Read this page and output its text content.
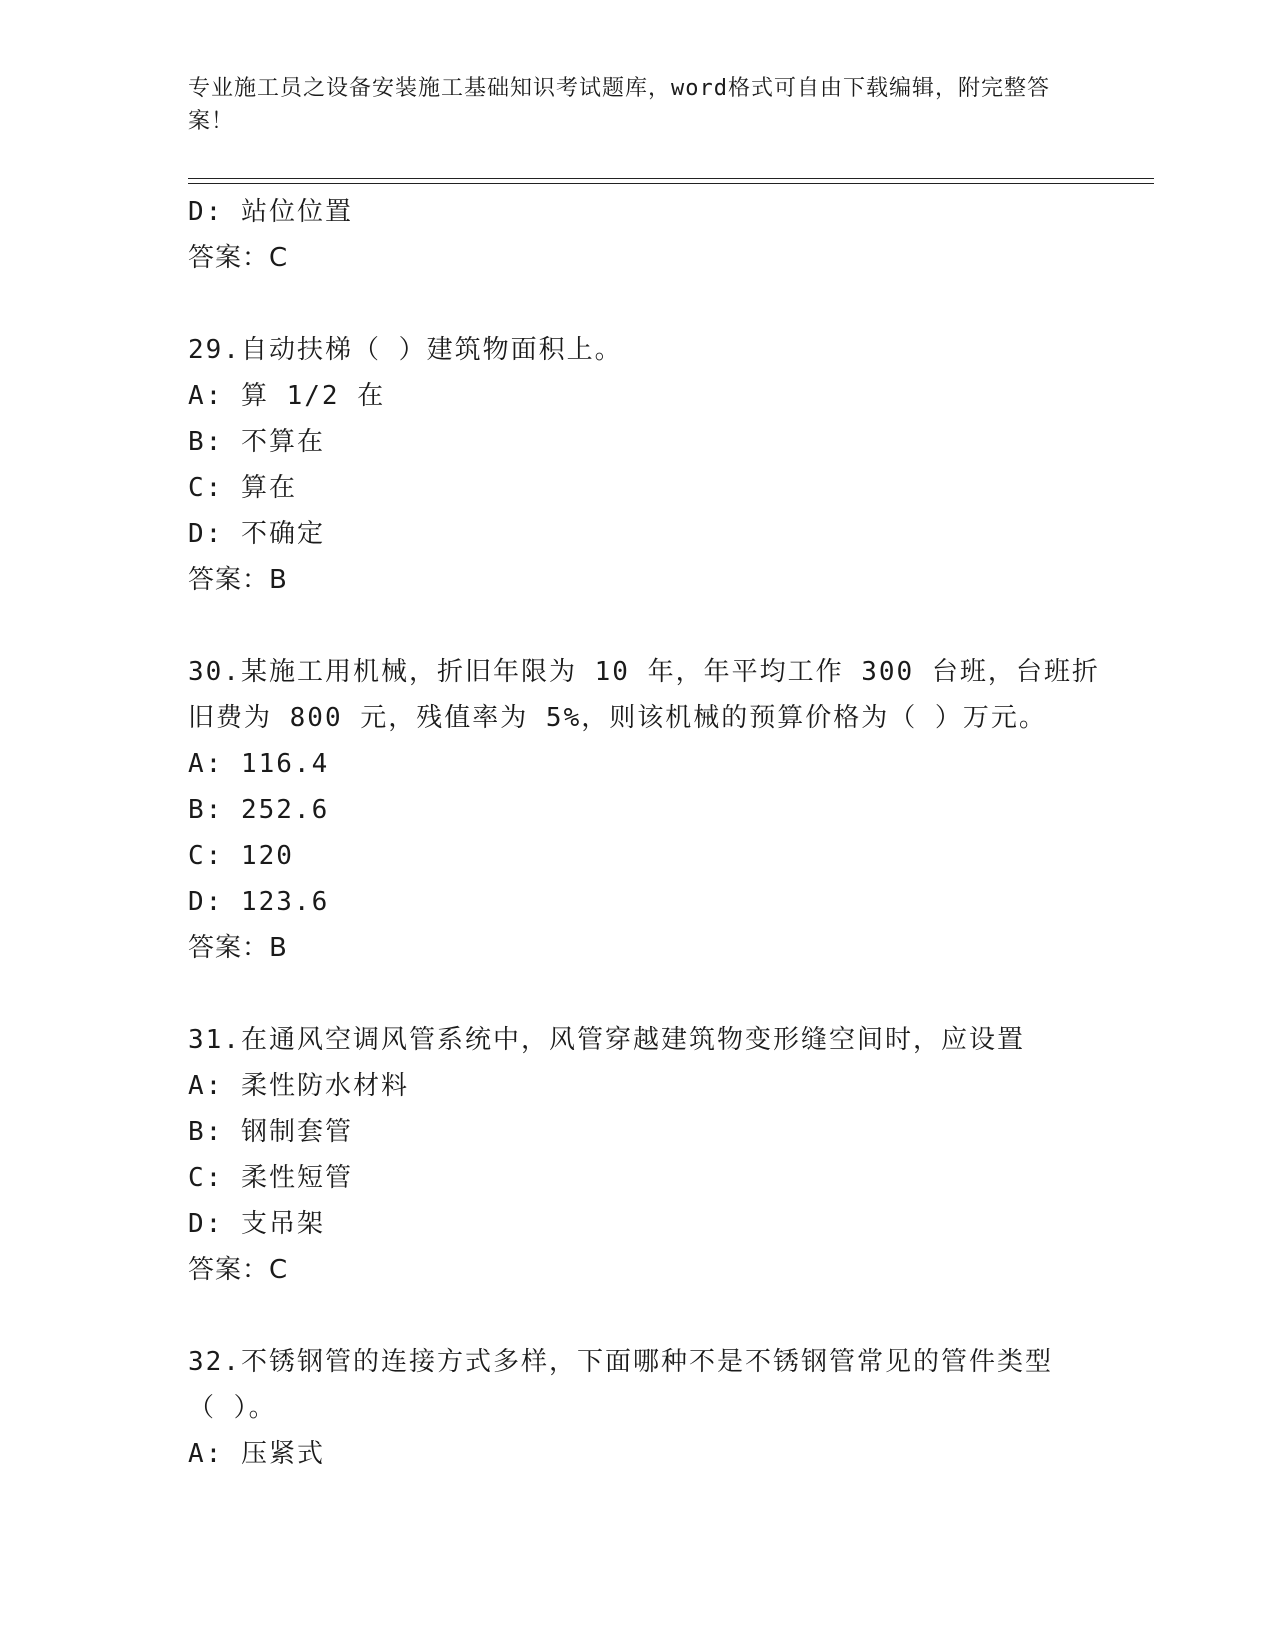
专业施工员之设备安装施工基础知识考试题库，word格式可自由下载编辑，附完整答案！
D: 站位位置
答案：C
29.自动扶梯（ ）建筑物面积上。
A: 算 1/2 在
B: 不算在
C: 算在
D: 不确定
答案：B
30.某施工用机械，折旧年限为 10 年，年平均工作 300 台班，台班折
旧费为 800 元，残值率为 5%，则该机械的预算价格为（ ）万元。
A: 116.4
B: 252.6
C: 120
D: 123.6
答案：B
31.在通风空调风管系统中，风管穿越建筑物变形缝空间时，应设置
A: 柔性防水材料
B: 钢制套管
C: 柔性短管
D: 支吊架
答案：C
32.不锈钢管的连接方式多样，下面哪种不是不锈钢管常见的管件类型
（ ）。
A: 压紧式
